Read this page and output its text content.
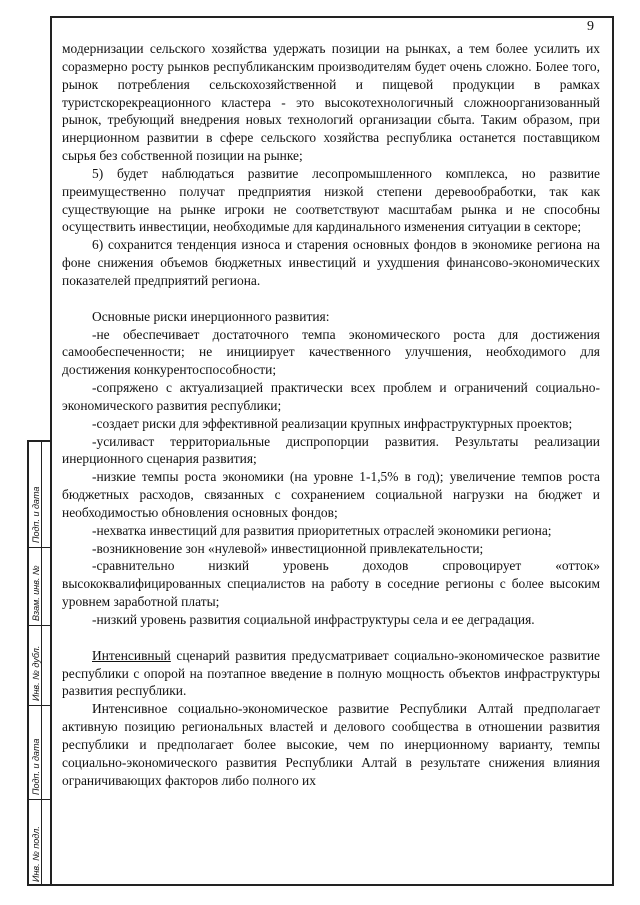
9

модернизации сельского хозяйства удержать позиции на рынках, а тем более усилить их соразмерно росту рынков республиканским производителям будет очень сложно. Более того, рынок потребления сельскохозяйственной и пищевой продукции в рамках туристскорекреационного кластера - это высокотехнологичный сложноорганизованный рынок, требующий внедрения новых технологий организации сбыта. Таким образом, при инерционном развитии в сфере сельского хозяйства республика останется поставщиком сырья без собственной позиции на рынке;

5) будет наблюдаться развитие лесопромышленного комплекса, но развитие преимущественно получат предприятия низкой степени деревообработки, так как существующие на рынке игроки не соответствуют масштабам рынка и не способны осуществить инвестиции, необходимые для кардинального изменения ситуации в секторе;

6) сохранится тенденция износа и старения основных фондов в экономике региона на фоне снижения объемов бюджетных инвестиций и ухудшения финансово-экономических показателей предприятий региона.

Основные риски инерционного развития:

-не обеспечивает достаточного темпа экономического роста для достижения самообеспеченности; не инициирует качественного улучшения, необходимого для достижения конкурентоспособности;

-сопряжено с актуализацией практически всех проблем и ограничений социально-экономического развития республики;

-создает риски для эффективной реализации крупных инфраструктурных проектов;

-усиливаст территориальные диспропорции развития. Результаты реализации инерционного сценария развития;

-низкие темпы роста экономики (на уровне 1-1,5% в год); увеличение темпов роста бюджетных расходов, связанных с сохранением социальной нагрузки на бюджет и необходимостью обновления основных фондов;

-нехватка инвестиций для развития приоритетных отраслей экономики региона;

-возникновение зон «нулевой» инвестиционной привлекательности;

-сравнительно низкий уровень доходов спровоцирует «отток» высококвалифицированных специалистов на работу в соседние регионы с более высоким уровнем заработной платы;

-низкий уровень развития социальной инфраструктуры села и ее деградация.

Интенсивный сценарий развития предусматривает социально-экономическое развитие республики с опорой на поэтапное введение в полную мощность объектов инфраструктуры развития республики.

Интенсивное социально-экономическое развитие Республики Алтай предполагает активную позицию региональных властей и делового сообщества в отношении развития республики и предполагает более высокие, чем по инерционному варианту, темпы социально-экономического развития Республики Алтай в результате снижения влияния ограничивающих факторов либо полного их

Подп. и дата
Взам. инв. №
Инв. № дубл.
Подп. и дата
Инв. № подл.
